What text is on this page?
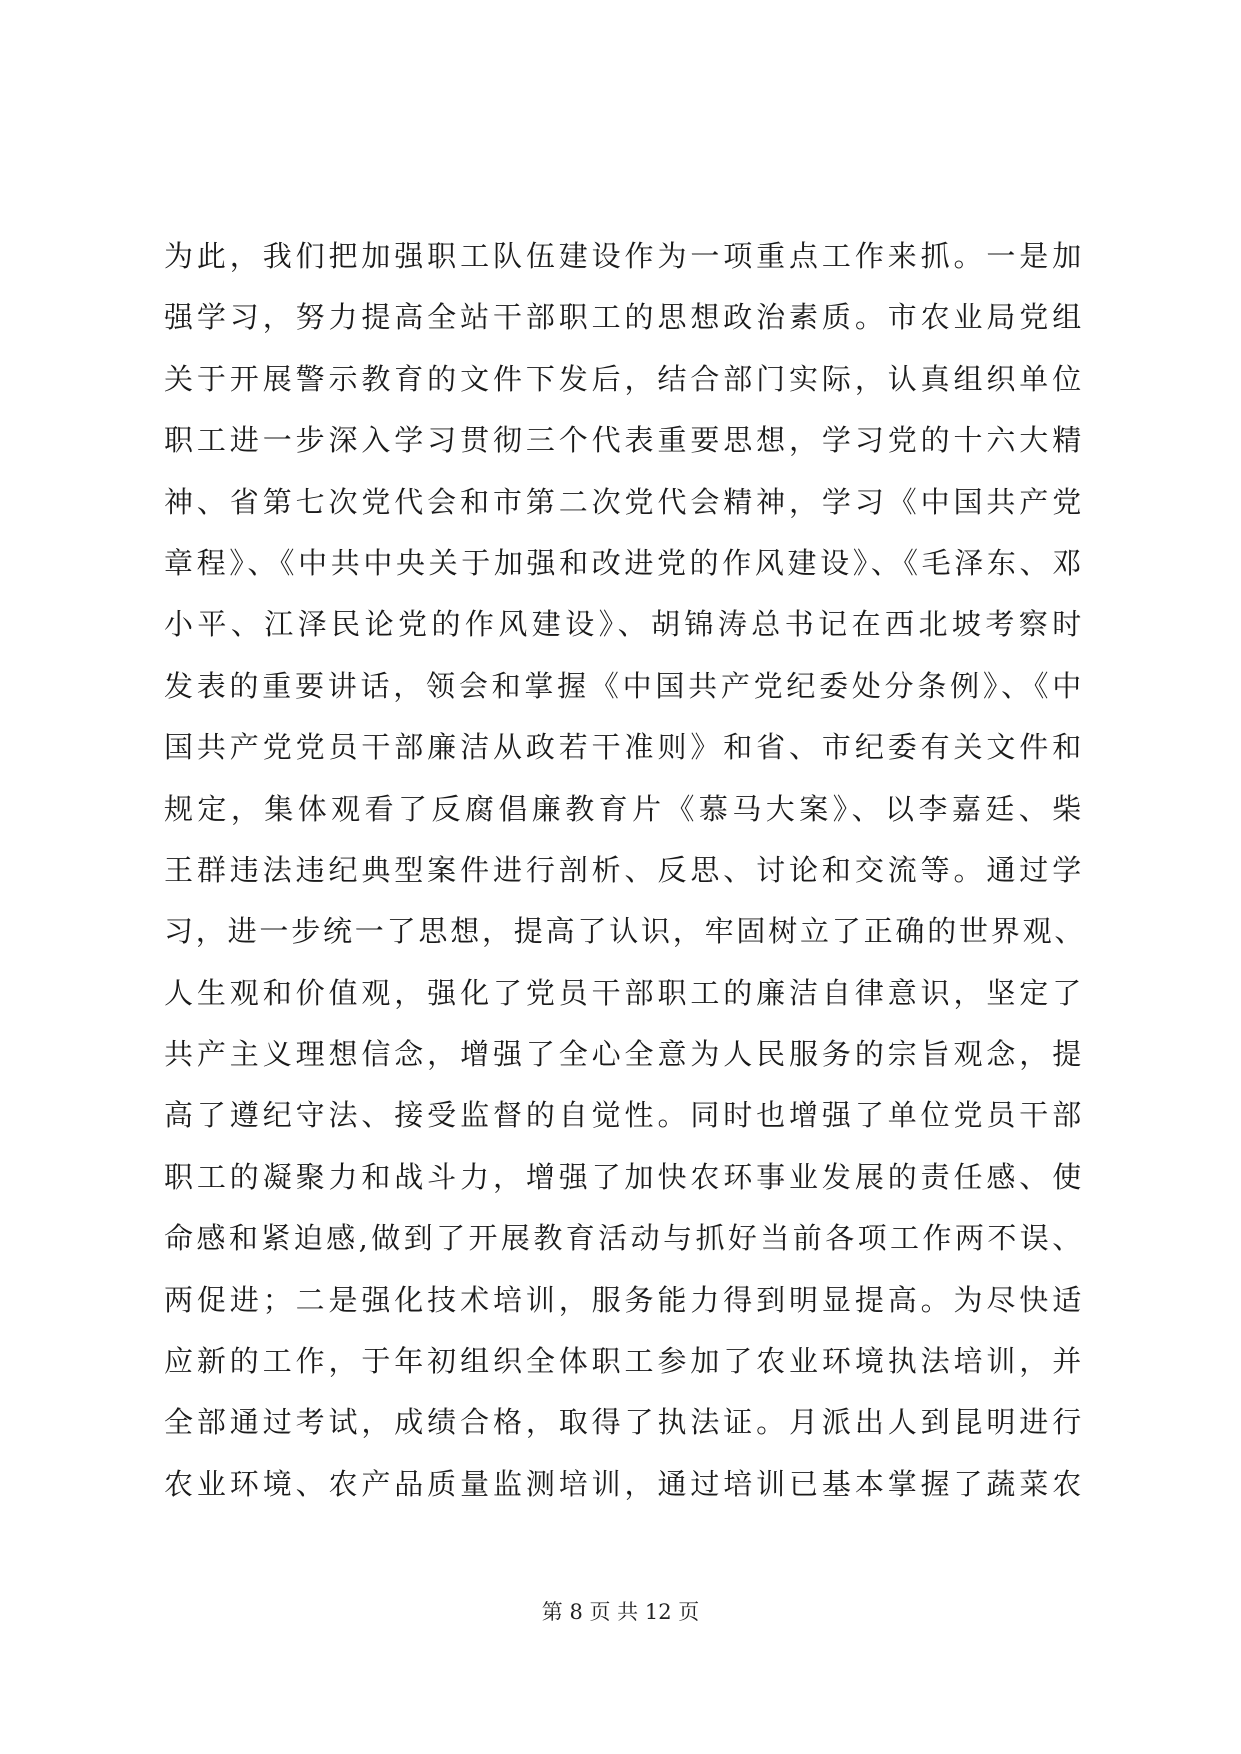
为此，我们把加强职工队伍建设作为一项重点工作来抓。一是加
强学习，努力提高全站干部职工的思想政治素质。市农业局党组
关于开展警示教育的文件下发后，结合部门实际，认真组织单位
职工进一步深入学习贯彻三个代表重要思想，学习党的十六大精
神、省第七次党代会和市第二次党代会精神，学习《中国共产党
章程》、《中共中央关于加强和改进党的作风建设》、《毛泽东、邓
小平、江泽民论党的作风建设》、胡锦涛总书记在西北坡考察时
发表的重要讲话，领会和掌握《中国共产党纪委处分条例》、《中
国共产党党员干部廉洁从政若干准则》和省、市纪委有关文件和
规定，集体观看了反腐倡廉教育片《慕马大案》、以李嘉廷、柴
王群违法违纪典型案件进行剖析、反思、讨论和交流等。通过学
习，进一步统一了思想，提高了认识，牢固树立了正确的世界观、
人生观和价值观，强化了党员干部职工的廉洁自律意识，坚定了
共产主义理想信念，增强了全心全意为人民服务的宗旨观念，提
高了遵纪守法、接受监督的自觉性。同时也增强了单位党员干部
职工的凝聚力和战斗力，增强了加快农环事业发展的责任感、使
命感和紧迫感,做到了开展教育活动与抓好当前各项工作两不误、
两促进；二是强化技术培训，服务能力得到明显提高。为尽快适
应新的工作，于年初组织全体职工参加了农业环境执法培训，并
全部通过考试，成绩合格，取得了执法证。月派出人到昆明进行
农业环境、农产品质量监测培训，通过培训已基本掌握了蔬菜农
第 8 页 共 12 页
